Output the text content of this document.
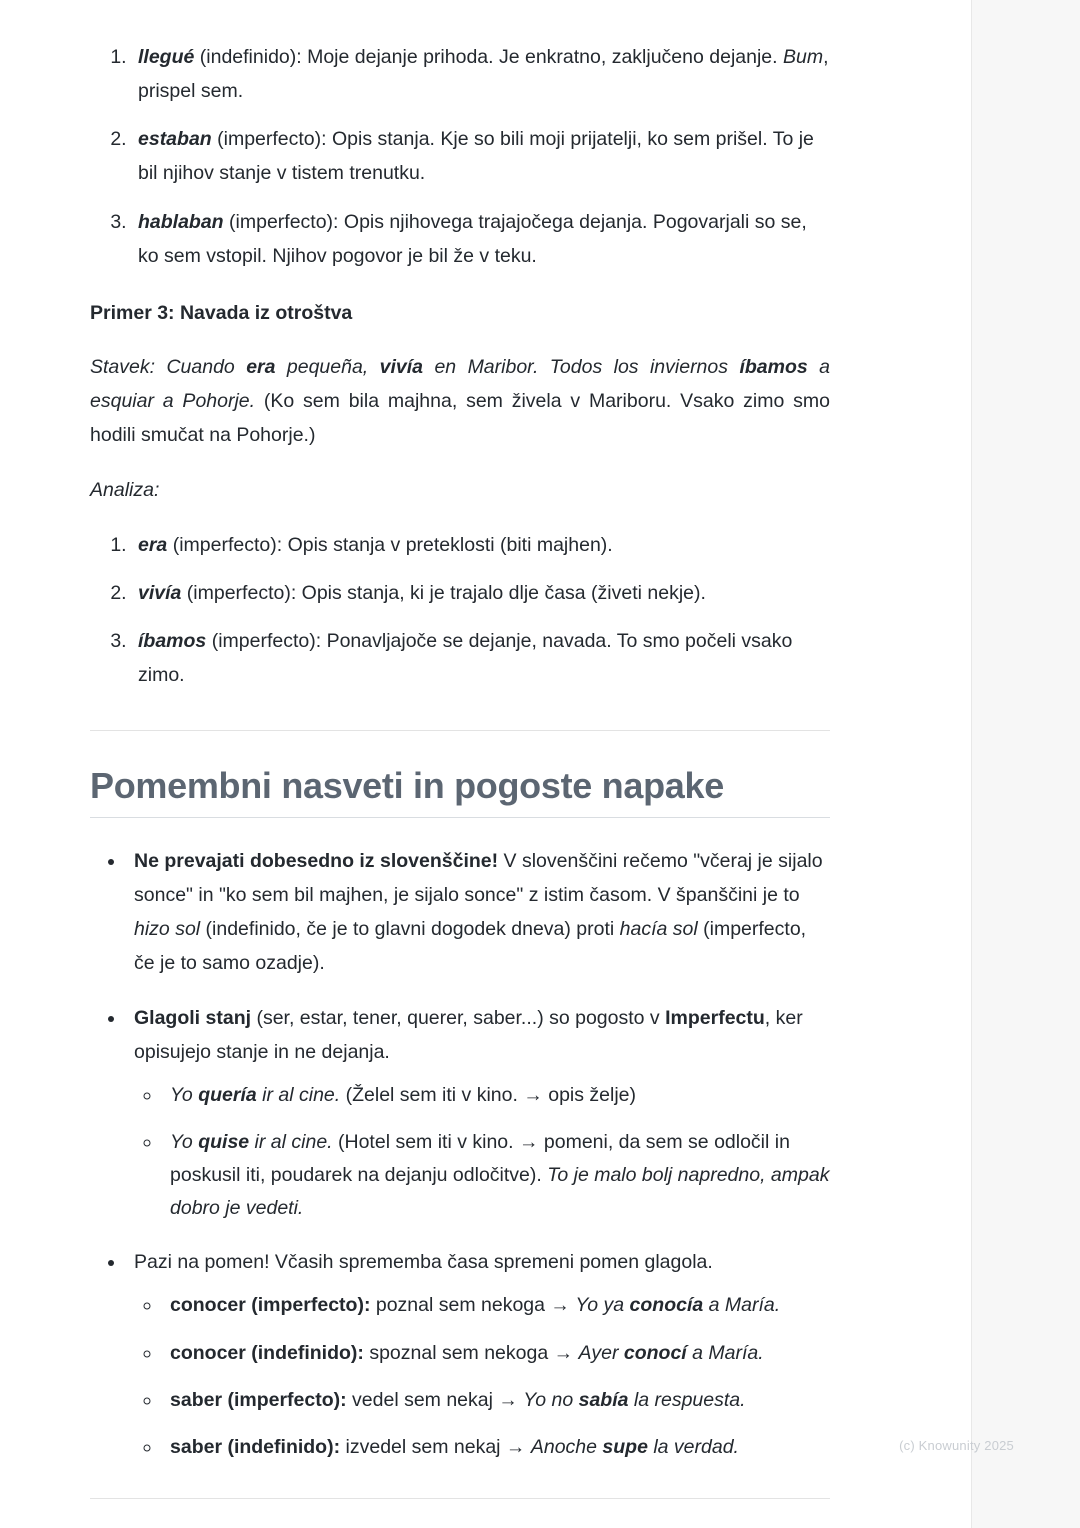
1. llegué (indefinido): Moje dejanje prihoda. Je enkratno, zaključeno dejanje. Bum, prispel sem.
2. estaban (imperfecto): Opis stanja. Kje so bili moji prijatelji, ko sem prišel. To je bil njihov stanje v tistem trenutku.
3. hablaban (imperfecto): Opis njihovega trajajočega dejanja. Pogovarjali so se, ko sem vstopil. Njihov pogovor je bil že v teku.
Primer 3: Navada iz otroštva

Stavek: Cuando era pequeña, vivía en Maribor. Todos los inviernos íbamos a esquiar a Pohorje. (Ko sem bila majhna, sem živela v Mariboru. Vsako zimo smo hodili smučat na Pohorje.)

Analiza:

1. era (imperfecto): Opis stanja v preteklosti (biti majhen).
2. vivía (imperfecto): Opis stanja, ki je trajalo dlje časa (živeti nekje).
3. íbamos (imperfecto): Ponavljajoče se dejanje, navada. To smo počeli vsako zimo.
Pomembni nasveti in pogoste napake
• Ne prevajati dobesedno iz slovenščine! V slovenščini rečemo "včeraj je sijalo sonce" in "ko sem bil majhen, je sijalo sonce" z istim časom. V španščini je to hizo sol (indefinido, če je to glavni dogodek dneva) proti hacía sol (imperfecto, če je to samo ozadje).
• Glagoli stanj (ser, estar, tener, querer, saber...) so pogosto v Imperfectu, ker opisujejo stanje in ne dejanja.
◦ Yo quería ir al cine. (Želel sem iti v kino. → opis želje)
◦ Yo quise ir al cine. (Hotel sem iti v kino. → pomeni, da sem se odločil in poskusil iti, poudarek na dejanju odločitve). To je malo bolj napredno, ampak dobro je vedeti.
• Pazi na pomen! Včasih sprememba časa spremeni pomen glagola.
◦ conocer (imperfecto): poznal sem nekoga → Yo ya conocía a María.
◦ conocer (indefinido): spoznal sem nekoga → Ayer conocí a María.
◦ saber (imperfecto): vedel sem nekaj → Yo no sabía la respuesta.
◦ saber (indefinido): izvedel sem nekaj → Anoche supe la verdad.	(c) Knowunity 2025
